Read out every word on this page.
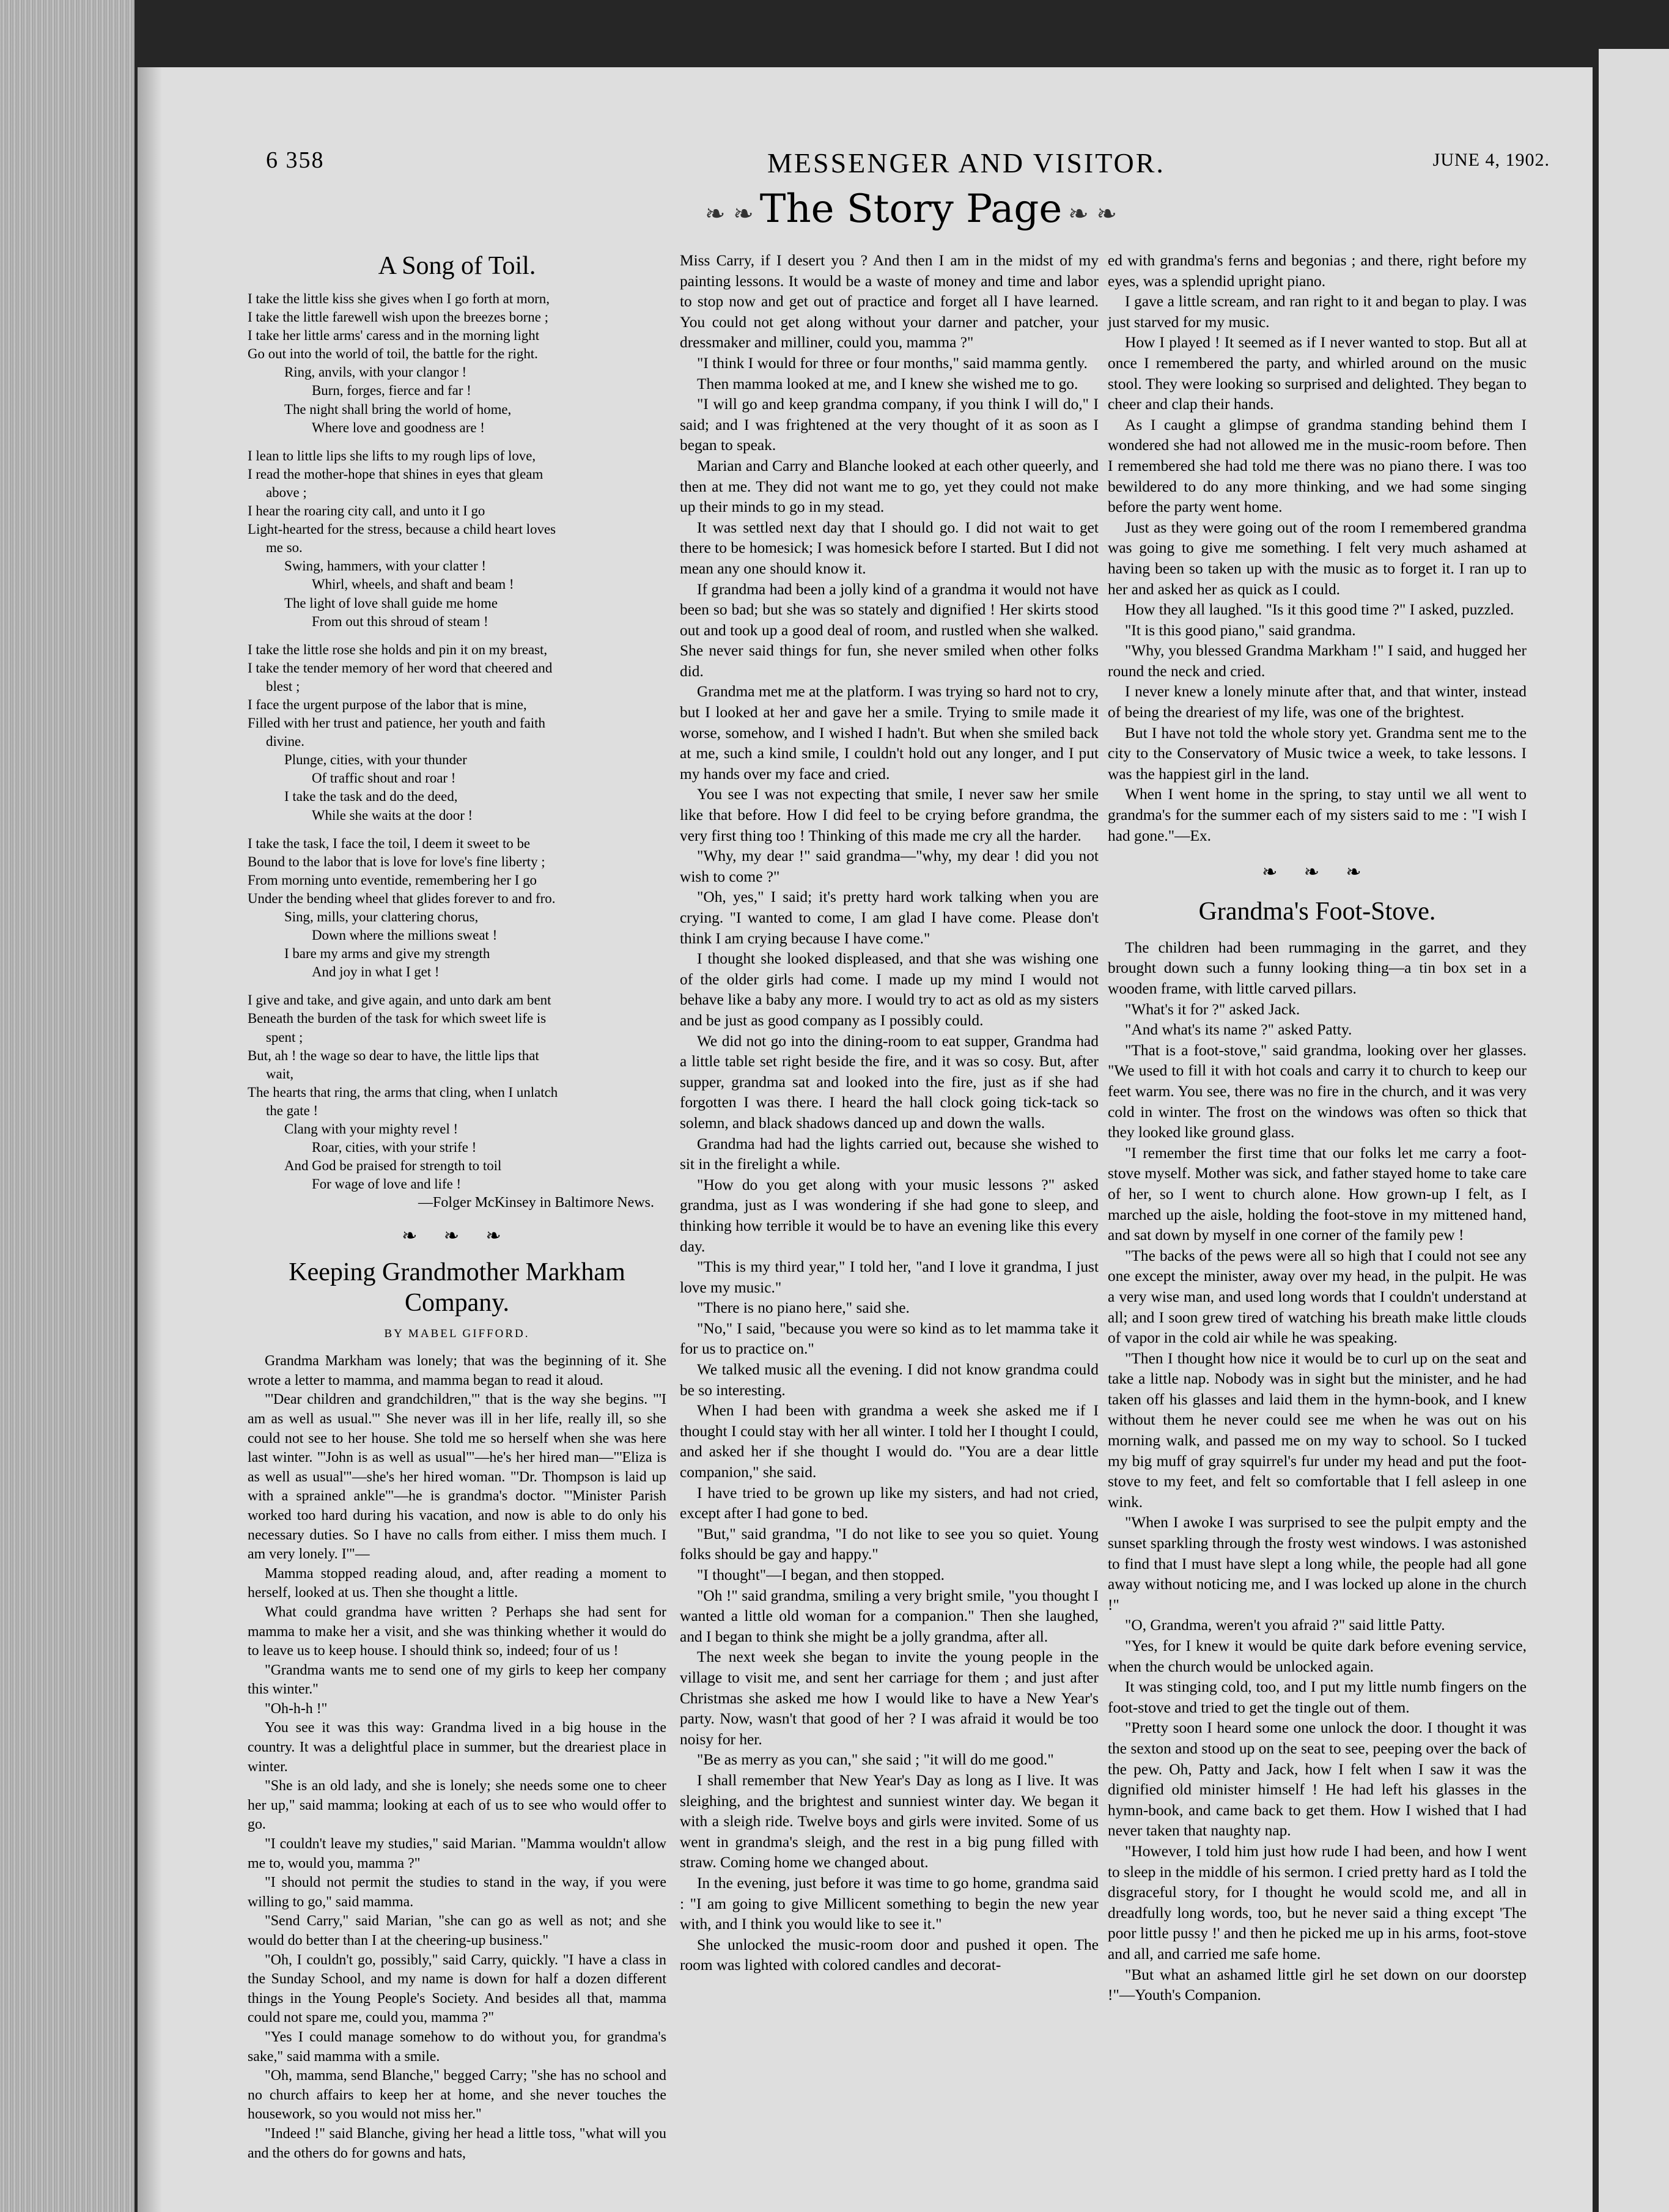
6 358	MESSENGER AND VISITOR.	JUNE 4, 1902.
❧ ❧ The Story Page ❧ ❧
A Song of Toil.
I take the little kiss she gives when I go forth at morn,
I take the little farewell wish upon the breezes borne ;
I take her little arms' caress and in the morning light
Go out into the world of toil, the battle for the right.
Ring, anvils, with your clangor !
Burn, forges, fierce and far !
The night shall bring the world of home,
Where love and goodness are !
I lean to little lips she lifts to my rough lips of love,
I read the mother-hope that shines in eyes that gleam
above ;
I hear the roaring city call, and unto it I go
Light-hearted for the stress, because a child heart loves
me so.
Swing, hammers, with your clatter !
Whirl, wheels, and shaft and beam !
The light of love shall guide me home
From out this shroud of steam !
I take the little rose she holds and pin it on my breast,
I take the tender memory of her word that cheered and
blest ;
I face the urgent purpose of the labor that is mine,
Filled with her trust and patience, her youth and faith
divine.
Plunge, cities, with your thunder
Of traffic shout and roar !
I take the task and do the deed,
While she waits at the door !
I take the task, I face the toil, I deem it sweet to be
Bound to the labor that is love for love's fine liberty ;
From morning unto eventide, remembering her I go
Under the bending wheel that glides forever to and fro.
Sing, mills, your clattering chorus,
Down where the millions sweat !
I bare my arms and give my strength
And joy in what I get !
I give and take, and give again, and unto dark am bent
Beneath the burden of the task for which sweet life is
spent ;
But, ah ! the wage so dear to have, the little lips that
wait,
The hearts that ring, the arms that cling, when I unlatch
the gate !
Clang with your mighty revel !
Roar, cities, with your strife !
And God be praised for strength to toil
For wage of love and life !
—Folger McKinsey in Baltimore News.
❧ ❧ ❧
Keeping Grandmother Markham Company.
BY MABEL GIFFORD.

Grandma Markham was lonely; that was the beginning of it. She wrote a letter to mamma, and mamma began to read it aloud.

"'Dear children and grandchildren,'" that is the way she begins. "'I am as well as usual.'" She never was ill in her life, really ill, so she could not see to her house. She told me so herself when she was here last winter. "'John is as well as usual'"—he's her hired man—"'Eliza is as well as usual'"—she's her hired woman. "'Dr. Thompson is laid up with a sprained ankle'"—he is grandma's doctor. "'Minister Parish worked too hard during his vacation, and now is able to do only his necessary duties. So I have no calls from either. I miss them much. I am very lonely. I'"—

Mamma stopped reading aloud, and, after reading a moment to herself, looked at us. Then she thought a little.

What could grandma have written ? Perhaps she had sent for mamma to make her a visit, and she was thinking whether it would do to leave us to keep house. I should think so, indeed; four of us !

"Grandma wants me to send one of my girls to keep her company this winter."

"Oh-h-h !"

You see it was this way: Grandma lived in a big house in the country. It was a delightful place in summer, but the dreariest place in winter.

"She is an old lady, and she is lonely; she needs some one to cheer her up," said mamma; looking at each of us to see who would offer to go.

"I couldn't leave my studies," said Marian. "Mamma wouldn't allow me to, would you, mamma ?"

"I should not permit the studies to stand in the way, if you were willing to go," said mamma.

"Send Carry," said Marian, "she can go as well as not; and she would do better than I at the cheering-up business."

"Oh, I couldn't go, possibly," said Carry, quickly. "I have a class in the Sunday School, and my name is down for half a dozen different things in the Young People's Society. And besides all that, mamma could not spare me, could you, mamma ?"

"Yes I could manage somehow to do without you, for grandma's sake," said mamma with a smile.

"Oh, mamma, send Blanche," begged Carry; "she has no school and no church affairs to keep her at home, and she never touches the housework, so you would not miss her."

"Indeed !" said Blanche, giving her head a little toss, "what will you and the others do for gowns and hats,

Miss Carry, if I desert you ? And then I am in the midst of my painting lessons. It would be a waste of money and time and labor to stop now and get out of practice and forget all I have learned. You could not get along without your darner and patcher, your dressmaker and milliner, could you, mamma ?"

"I think I would for three or four months," said mamma gently.

Then mamma looked at me, and I knew she wished me to go.

"I will go and keep grandma company, if you think I will do," I said; and I was frightened at the very thought of it as soon as I began to speak.

Marian and Carry and Blanche looked at each other queerly, and then at me. They did not want me to go, yet they could not make up their minds to go in my stead.

It was settled next day that I should go. I did not wait to get there to be homesick; I was homesick before I started. But I did not mean any one should know it.

If grandma had been a jolly kind of a grandma it would not have been so bad; but she was so stately and dignified ! Her skirts stood out and took up a good deal of room, and rustled when she walked. She never said things for fun, she never smiled when other folks did.

Grandma met me at the platform. I was trying so hard not to cry, but I looked at her and gave her a smile. Trying to smile made it worse, somehow, and I wished I hadn't. But when she smiled back at me, such a kind smile, I couldn't hold out any longer, and I put my hands over my face and cried.

You see I was not expecting that smile, I never saw her smile like that before. How I did feel to be crying before grandma, the very first thing too ! Thinking of this made me cry all the harder.

"Why, my dear !" said grandma—"why, my dear ! did you not wish to come ?"

"Oh, yes," I said; it's pretty hard work talking when you are crying. "I wanted to come, I am glad I have come. Please don't think I am crying because I have come."

I thought she looked displeased, and that she was wishing one of the older girls had come. I made up my mind I would not behave like a baby any more. I would try to act as old as my sisters and be just as good company as I possibly could.

We did not go into the dining-room to eat supper, Grandma had a little table set right beside the fire, and it was so cosy. But, after supper, grandma sat and looked into the fire, just as if she had forgotten I was there. I heard the hall clock going tick-tack so solemn, and black shadows danced up and down the walls.

Grandma had had the lights carried out, because she wished to sit in the firelight a while.

"How do you get along with your music lessons ?" asked grandma, just as I was wondering if she had gone to sleep, and thinking how terrible it would be to have an evening like this every day.

"This is my third year," I told her, "and I love it grandma, I just love my music."

"There is no piano here," said she.

"No," I said, "because you were so kind as to let mamma take it for us to practice on."

We talked music all the evening. I did not know grandma could be so interesting.

When I had been with grandma a week she asked me if I thought I could stay with her all winter. I told her I thought I could, and asked her if she thought I would do. "You are a dear little companion," she said.

I have tried to be grown up like my sisters, and had not cried, except after I had gone to bed.

"But," said grandma, "I do not like to see you so quiet. Young folks should be gay and happy."

"I thought"—I began, and then stopped.

"Oh !" said grandma, smiling a very bright smile, "you thought I wanted a little old woman for a companion." Then she laughed, and I began to think she might be a jolly grandma, after all.

The next week she began to invite the young people in the village to visit me, and sent her carriage for them ; and just after Christmas she asked me how I would like to have a New Year's party. Now, wasn't that good of her ? I was afraid it would be too noisy for her.

"Be as merry as you can," she said ; "it will do me good."

I shall remember that New Year's Day as long as I live. It was sleighing, and the brightest and sunniest winter day. We began it with a sleigh ride. Twelve boys and girls were invited. Some of us went in grandma's sleigh, and the rest in a big pung filled with straw. Coming home we changed about.

In the evening, just before it was time to go home, grandma said : "I am going to give Millicent something to begin the new year with, and I think you would like to see it."

She unlocked the music-room door and pushed it open. The room was lighted with colored candles and decorat-

ed with grandma's ferns and begonias ; and there, right before my eyes, was a splendid upright piano.

I gave a little scream, and ran right to it and began to play. I was just starved for my music.

How I played ! It seemed as if I never wanted to stop. But all at once I remembered the party, and whirled around on the music stool. They were looking so surprised and delighted. They began to cheer and clap their hands.

As I caught a glimpse of grandma standing behind them I wondered she had not allowed me in the music-room before. Then I remembered she had told me there was no piano there. I was too bewildered to do any more thinking, and we had some singing before the party went home.

Just as they were going out of the room I remembered grandma was going to give me something. I felt very much ashamed at having been so taken up with the music as to forget it. I ran up to her and asked her as quick as I could.

How they all laughed. "Is it this good time ?" I asked, puzzled.

"It is this good piano," said grandma.

"Why, you blessed Grandma Markham !" I said, and hugged her round the neck and cried.

I never knew a lonely minute after that, and that winter, instead of being the dreariest of my life, was one of the brightest.

But I have not told the whole story yet. Grandma sent me to the city to the Conservatory of Music twice a week, to take lessons. I was the happiest girl in the land.

When I went home in the spring, to stay until we all went to grandma's for the summer each of my sisters said to me : "I wish I had gone."—Ex.

❧ ❧ ❧
Grandma's Foot-Stove.

The children had been rummaging in the garret, and they brought down such a funny looking thing—a tin box set in a wooden frame, with little carved pillars.

"What's it for ?" asked Jack.

"And what's its name ?" asked Patty.

"That is a foot-stove," said grandma, looking over her glasses. "We used to fill it with hot coals and carry it to church to keep our feet warm. You see, there was no fire in the church, and it was very cold in winter. The frost on the windows was often so thick that they looked like ground glass.

"I remember the first time that our folks let me carry a foot-stove myself. Mother was sick, and father stayed home to take care of her, so I went to church alone. How grown-up I felt, as I marched up the aisle, holding the foot-stove in my mittened hand, and sat down by myself in one corner of the family pew !

"The backs of the pews were all so high that I could not see any one except the minister, away over my head, in the pulpit. He was a very wise man, and used long words that I couldn't understand at all; and I soon grew tired of watching his breath make little clouds of vapor in the cold air while he was speaking.

"Then I thought how nice it would be to curl up on the seat and take a little nap. Nobody was in sight but the minister, and he had taken off his glasses and laid them in the hymn-book, and I knew without them he never could see me when he was out on his morning walk, and passed me on my way to school. So I tucked my big muff of gray squirrel's fur under my head and put the foot-stove to my feet, and felt so comfortable that I fell asleep in one wink.

"When I awoke I was surprised to see the pulpit empty and the sunset sparkling through the frosty west windows. I was astonished to find that I must have slept a long while, the people had all gone away without noticing me, and I was locked up alone in the church !"

"O, Grandma, weren't you afraid ?" said little Patty.

"Yes, for I knew it would be quite dark before evening service, when the church would be unlocked again.

It was stinging cold, too, and I put my little numb fingers on the foot-stove and tried to get the tingle out of them.

"Pretty soon I heard some one unlock the door. I thought it was the sexton and stood up on the seat to see, peeping over the back of the pew. Oh, Patty and Jack, how I felt when I saw it was the dignified old minister himself ! He had left his glasses in the hymn-book, and came back to get them. How I wished that I had never taken that naughty nap.

"However, I told him just how rude I had been, and how I went to sleep in the middle of his sermon. I cried pretty hard as I told the disgraceful story, for I thought he would scold me, and all in dreadfully long words, too, but he never said a thing except 'The poor little pussy !' and then he picked me up in his arms, foot-stove and all, and carried me safe home.

"But what an ashamed little girl he set down on our doorstep !"—Youth's Companion.
